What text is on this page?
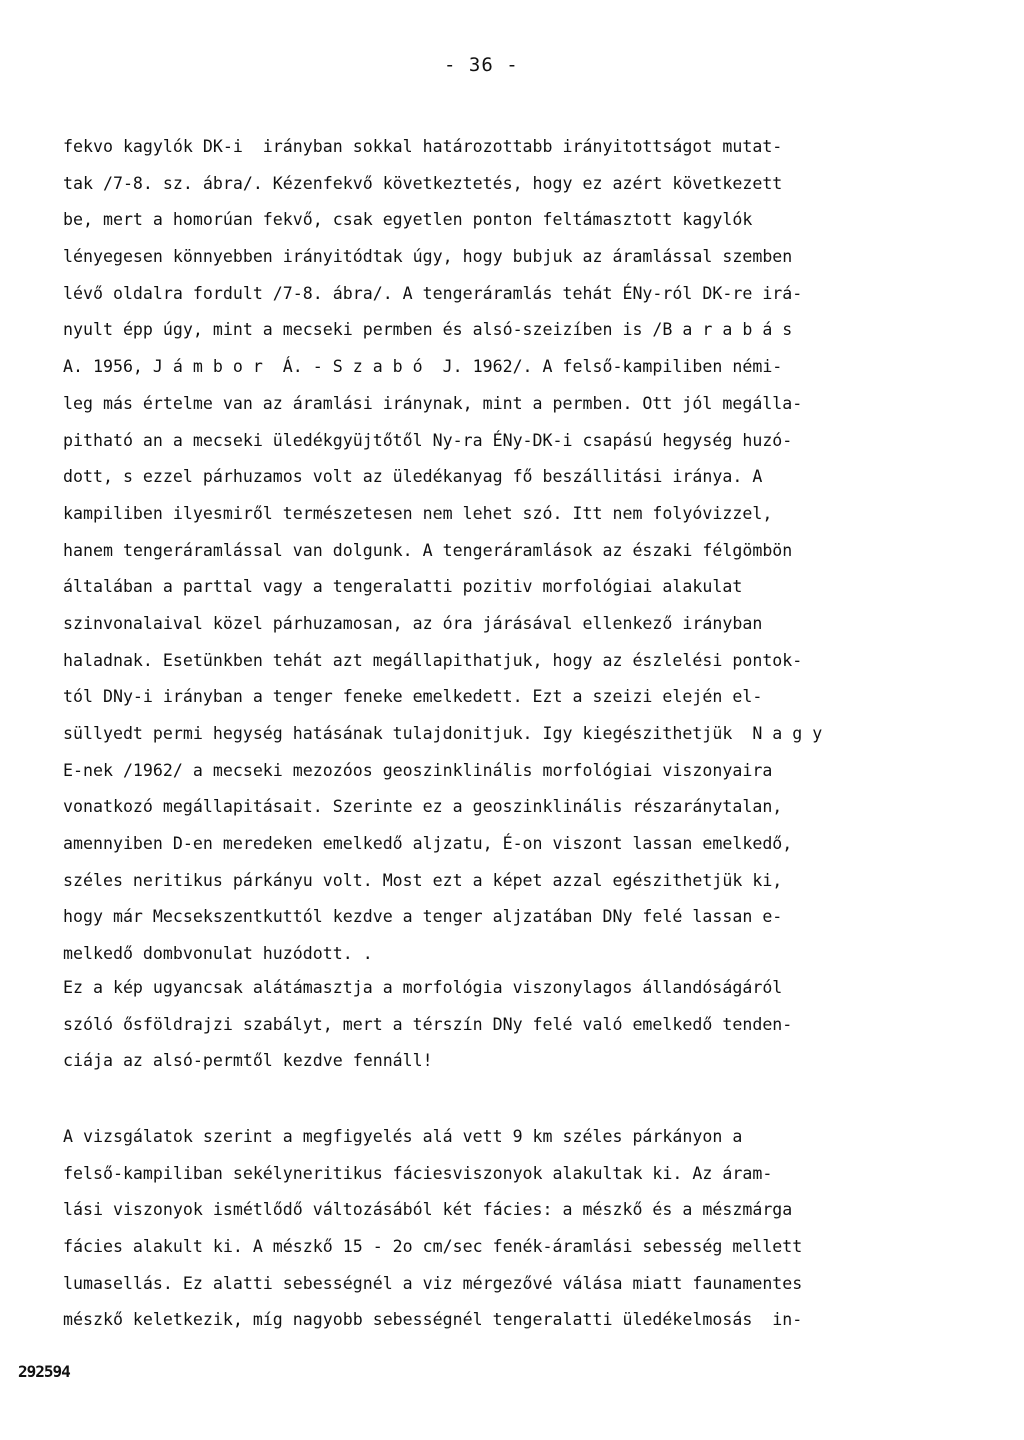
- 36 -
fekvo kagylók DK-i  irányban sokkal határozottabb irányitottságot mutat-
tak /7-8. sz. ábra/. Kézenfekvő következtetés, hogy ez azért következett
be, mert a homorúan fekvő, csak egyetlen ponton feltámasztott kagylók
lényegesen könnyebben irányitódtak úgy, hogy bubjuk az áramlással szemben
lévő oldalra fordult /7-8. ábra/. A tengeráramlás tehát ÉNy-ról DK-re irá-
nyult épp úgy, mint a mecseki permben és alsó-szeizíben is /B a r a b á s
A. 1956, J á m b o r  Á. - S z a b ó  J. 1962/. A felső-kampiliben némi-
leg más értelme van az áramlási iránynak, mint a permben. Ott jól megálla-
pitható an a mecseki üledékgyüjtőtől Ny-ra ÉNy-DK-i csapású hegység huzó-
dott, s ezzel párhuzamos volt az üledékanyag fő beszállitási iránya. A
kampiliben ilyesmiről természetesen nem lehet szó. Itt nem folyóvizzel,
hanem tengeráramlással van dolgunk. A tengeráramlások az északi félgömbön
általában a parttal vagy a tengeralatti pozitiv morfológiai alakulat
szinvonalaival közel párhuzamosan, az óra járásával ellenkező irányban
haladnak. Esetünkben tehát azt megállapithatjuk, hogy az észlelési pontok-
tól DNy-i irányban a tenger feneke emelkedett. Ezt a szeizi elején el-
süllyedt permi hegység hatásának tulajdonitjuk. Igy kiegészithetjük  N a g y
E-nek /1962/ a mecseki mezozóos geoszinklinális morfológiai viszonyaira
vonatkozó megállapitásait. Szerinte ez a geoszinklinális részaránytalan,
amennyiben D-en meredeken emelkedő aljzatu, É-on viszont lassan emelkedő,
széles neritikus párkányu volt. Most ezt a képet azzal egészithetjük ki,
hogy már Mecsekszentkuttól kezdve a tenger aljzatában DNy felé lassan e-
melkedő dombvonulat huzódott. .
Ez a kép ugyancsak alátámasztja a morfológia viszonylagos állandóságáról
szóló ősföldrajzi szabályt, mert a térszín DNy felé való emelkedő tenden-
ciája az alsó-permtől kezdve fennáll!
A vizsgálatok szerint a megfigyelés alá vett 9 km széles párkányon a
felső-kampiliban sekélyneritikus fáciesviszonyok alakultak ki. Az áram-
lási viszonyok ismétlődő változásából két fácies: a mészkő és a mészmárga
fácies alakult ki. A mészkő 15 - 2o cm/sec fenék-áramlási sebesség mellett
lumasellás. Ez alatti sebességnél a viz mérgezővé válása miatt faunamentes
mészkő keletkezik, míg nagyobb sebességnél tengeralatti üledékelmosás  in-
292594
